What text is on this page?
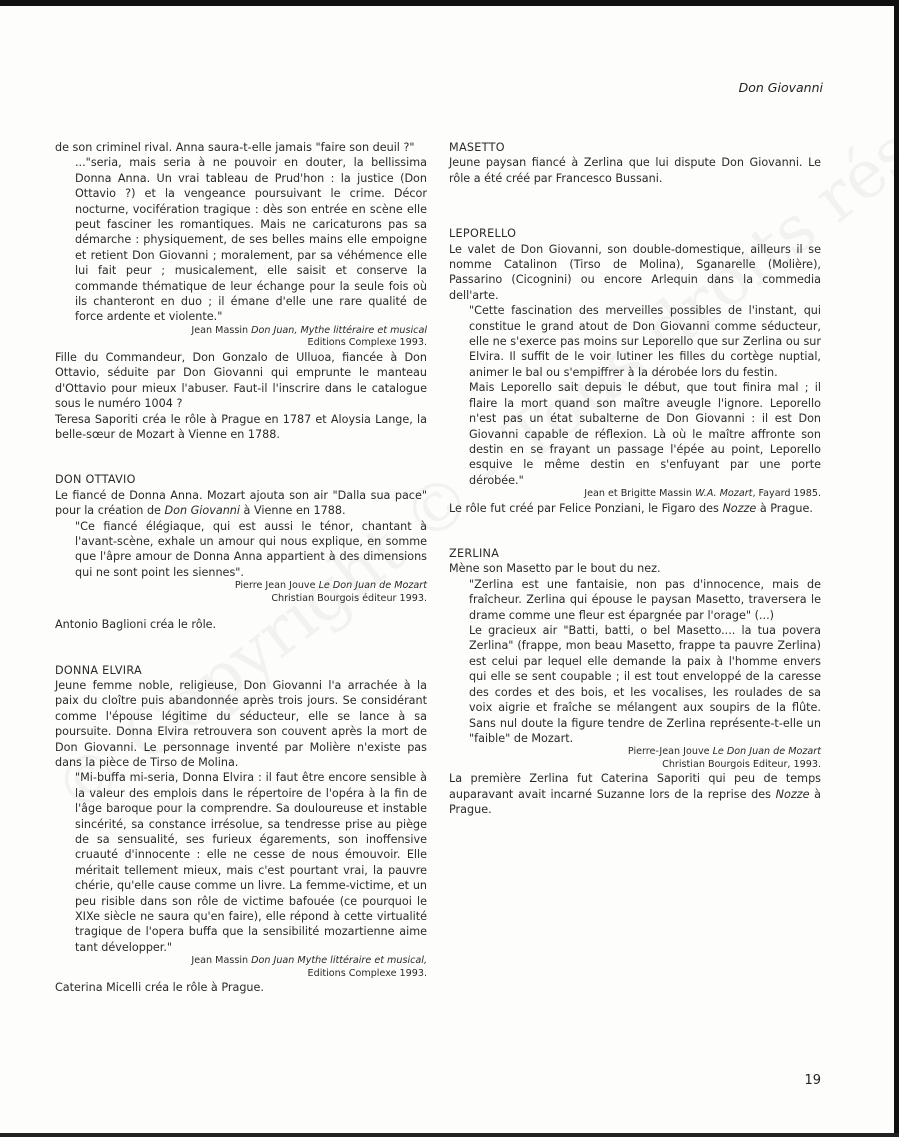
Don Giovanni

de son criminel rival. Anna saura-t-elle jamais "faire son deuil ?"

..."seria, mais seria à ne pouvoir en douter, la bellissima Donna Anna. Un vrai tableau de Prud'hon : la justice (Don Ottavio ?) et la vengeance poursuivant le crime. Décor nocturne, vocifération tragique : dès son entrée en scène elle peut fasciner les romantiques. Mais ne caricaturons pas sa démarche : physiquement, de ses belles mains elle empoigne et retient Don Giovanni ; moralement, par sa véhémence elle lui fait peur ; musicalement, elle saisit et conserve la commande thématique de leur échange pour la seule fois où ils chanteront en duo ; il émane d'elle une rare qualité de force ardente et violente."

Jean Massin Don Juan, Mythe littéraire et musical
Editions Complexe 1993.

Fille du Commandeur, Don Gonzalo de Ulluoa, fiancée à Don Ottavio, séduite par Don Giovanni qui emprunte le manteau d'Ottavio pour mieux l'abuser. Faut-il l'inscrire dans le catalogue sous le numéro 1004 ?

Teresa Saporiti créa le rôle à Prague en 1787 et Aloysia Lange, la belle-sœur de Mozart à Vienne en 1788.

DON OTTAVIO

Le fiancé de Donna Anna. Mozart ajouta son air "Dalla sua pace" pour la création de Don Giovanni à Vienne en 1788.

"Ce fiancé élégiaque, qui est aussi le ténor, chantant à l'avant-scène, exhale un amour qui nous explique, en somme que l'âpre amour de Donna Anna appartient à des dimensions qui ne sont point les siennes".

Pierre Jean Jouve Le Don Juan de Mozart
Christian Bourgois éditeur 1993.

Antonio Baglioni créa le rôle.

DONNA ELVIRA

Jeune femme noble, religieuse, Don Giovanni l'a arrachée à la paix du cloître puis abandonnée après trois jours. Se considérant comme l'épouse légitime du séducteur, elle se lance à sa poursuite. Donna Elvira retrouvera son couvent après la mort de Don Giovanni. Le personnage inventé par Molière n'existe pas dans la pièce de Tirso de Molina.

"Mi-buffa mi-seria, Donna Elvira : il faut être encore sensible à la valeur des emplois dans le répertoire de l'opéra à la fin de l'âge baroque pour la comprendre. Sa douloureuse et instable sincérité, sa constance irrésolue, sa tendresse prise au piège de sa sensualité, ses furieux égarements, son inoffensive cruauté d'innocente : elle ne cesse de nous émouvoir. Elle méritait tellement mieux, mais c'est pourtant vrai, la pauvre chérie, qu'elle cause comme un livre. La femme-victime, et un peu risible dans son rôle de victime bafouée (ce pourquoi le XIXe siècle ne saura qu'en faire), elle répond à cette virtualité tragique de l'opera buffa que la sensibilité mozartienne aime tant développer."

Jean Massin Don Juan Mythe littéraire et musical,
Editions Complexe 1993.

Caterina Micelli créa le rôle à Prague.

MASETTO

Jeune paysan fiancé à Zerlina que lui dispute Don Giovanni. Le rôle a été créé par Francesco Bussani.

LEPORELLO

Le valet de Don Giovanni, son double-domestique, ailleurs il se nomme Catalinon (Tirso de Molina), Sganarelle (Molière), Passarino (Cicognini) ou encore Arlequin dans la commedia dell'arte.

"Cette fascination des merveilles possibles de l'instant, qui constitue le grand atout de Don Giovanni comme séducteur, elle ne s'exerce pas moins sur Leporello que sur Zerlina ou sur Elvira. Il suffit de le voir lutiner les filles du cortège nuptial, animer le bal ou s'empiffrer à la dérobée lors du festin.

Mais Leporello sait depuis le début, que tout finira mal ; il flaire la mort quand son maître aveugle l'ignore. Leporello n'est pas un état subalterne de Don Giovanni : il est Don Giovanni capable de réflexion. Là où le maître affronte son destin en se frayant un passage l'épée au point, Leporello esquive le même destin en s'enfuyant par une porte dérobée."

Jean et Brigitte Massin W.A. Mozart, Fayard 1985.

Le rôle fut créé par Felice Ponziani, le Figaro des Nozze à Prague.

ZERLINA

Mène son Masetto par le bout du nez.

"Zerlina est une fantaisie, non pas d'innocence, mais de fraîcheur. Zerlina qui épouse le paysan Masetto, traversera le drame comme une fleur est épargnée par l'orage" (...)

Le gracieux air "Batti, batti, o bel Masetto.... la tua povera Zerlina" (frappe, mon beau Masetto, frappe ta pauvre Zerlina) est celui par lequel elle demande la paix à l'homme envers qui elle se sent coupable ; il est tout enveloppé de la caresse des cordes et des bois, et les vocalises, les roulades de sa voix aigrie et fraîche se mélangent aux soupirs de la flûte. Sans nul doute la figure tendre de Zerlina représente-t-elle un "faible" de Mozart.

Pierre-Jean Jouve Le Don Juan de Mozart
Christian Bourgois Editeur, 1993.

La première Zerlina fut Caterina Saporiti qui peu de temps auparavant avait incarné Suzanne lors de la reprise des Nozze à Prague.

19
